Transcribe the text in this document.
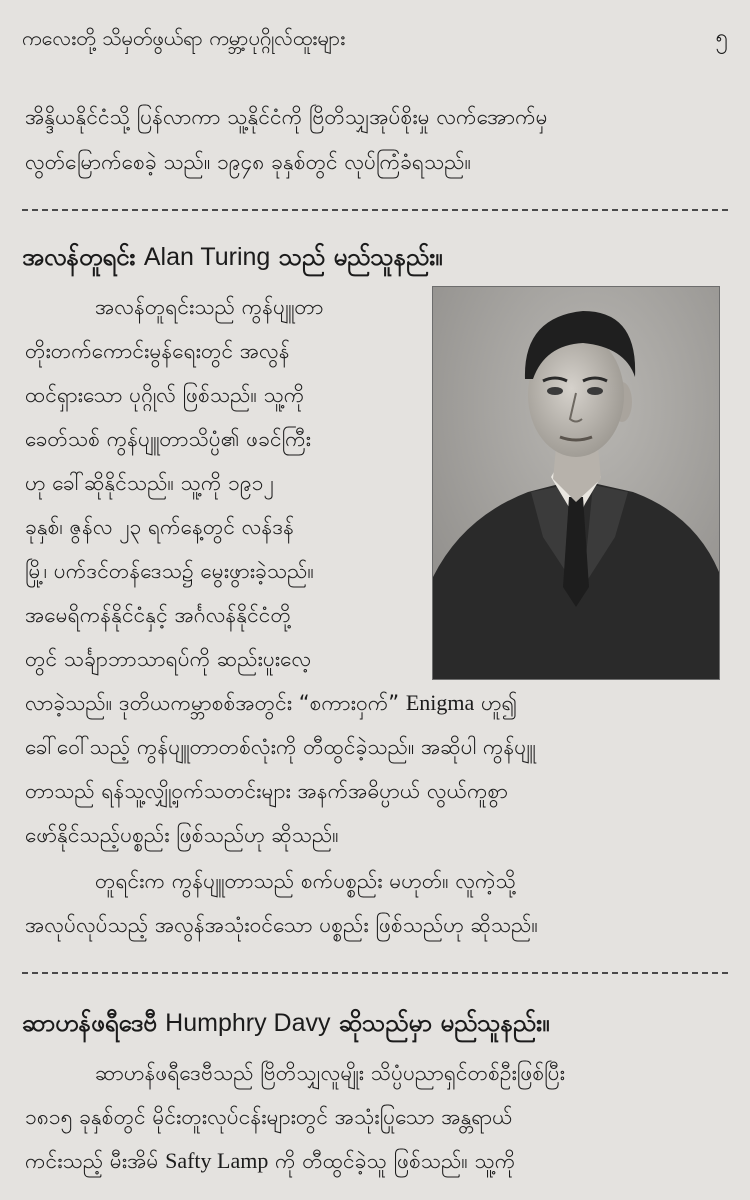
ကလေးတို့ သိမှတ်ဖွယ်ရာ ကမ္ဘာ့ပုဂ္ဂိုလ်ထူးများ	၅
အိန္ဒိယနိုင်ငံသို့ ပြန်လာကာ သူ့နိုင်ငံကို ဗြိတိသျှအုပ်စိုးမှု လက်အောက်မှ
လွတ်မြောက်စေခဲ့ သည်။ ၁၉၄၈ ခုနှစ်တွင် လုပ်ကြံခံရသည်။
အလန်တူရင်း Alan Turing သည် မည်သူနည်း။
အလန်တူရင်းသည် ကွန်ပျူတာ
တိုးတက်ကောင်းမွန်ရေးတွင် အလွန်
ထင်ရှားသော ပုဂ္ဂိုလ် ဖြစ်သည်။ သူ့ကို
ခေတ်သစ် ကွန်ပျူတာသိပ္ပံ၏ ဖခင်ကြီး
ဟု ခေါ်ဆိုနိုင်သည်။ သူ့ကို ၁၉၁၂
ခုနှစ်၊ ဇွန်လ ၂၃ ရက်နေ့တွင် လန်ဒန်
မြို့၊ ပက်ဒင်တန်ဒေသ၌ မွေးဖွားခဲ့သည်။
အမေရိကန်နိုင်ငံနှင့် အင်္ဂလန်နိုင်ငံတို့
တွင် သင်္ချာဘာသာရပ်ကို ဆည်းပူးလေ့
လာခဲ့သည်။ ဒုတိယကမ္ဘာစစ်အတွင်း “စကားဝှက်” Enigma ဟူ၍
ခေါ်ဝေါ်သည့် ကွန်ပျူတာတစ်လုံးကို တီထွင်ခဲ့သည်။ အဆိုပါ ကွန်ပျူ
တာသည် ရန်သူ့လျှို့ဝှက်သတင်းများ အနက်အဓိပ္ပာယ် လွယ်ကူစွာ
ဖော်နိုင်သည့်ပစ္စည်း ဖြစ်သည်ဟု ဆိုသည်။
တူရင်းက ကွန်ပျူတာသည် စက်ပစ္စည်း မဟုတ်။ လူကဲ့သို့
အလုပ်လုပ်သည့် အလွန်အသုံးဝင်သော ပစ္စည်း ဖြစ်သည်ဟု ဆိုသည်။
ဆာဟန်ဖရီဒေဗီ Humphry Davy ဆိုသည်မှာ မည်သူနည်း။
ဆာဟန်ဖရီဒေဗီသည် ဗြိတိသျှလူမျိုး သိပ္ပံပညာရှင်တစ်ဦးဖြစ်ပြီး
၁၈၁၅ ခုနှစ်တွင် မိုင်းတူးလုပ်ငန်းများတွင် အသုံးပြုသော အန္တရာယ်
ကင်းသည့် မီးအိမ် Safty Lamp ကို တီထွင်ခဲ့သူ ဖြစ်သည်။ သူ့ကို
